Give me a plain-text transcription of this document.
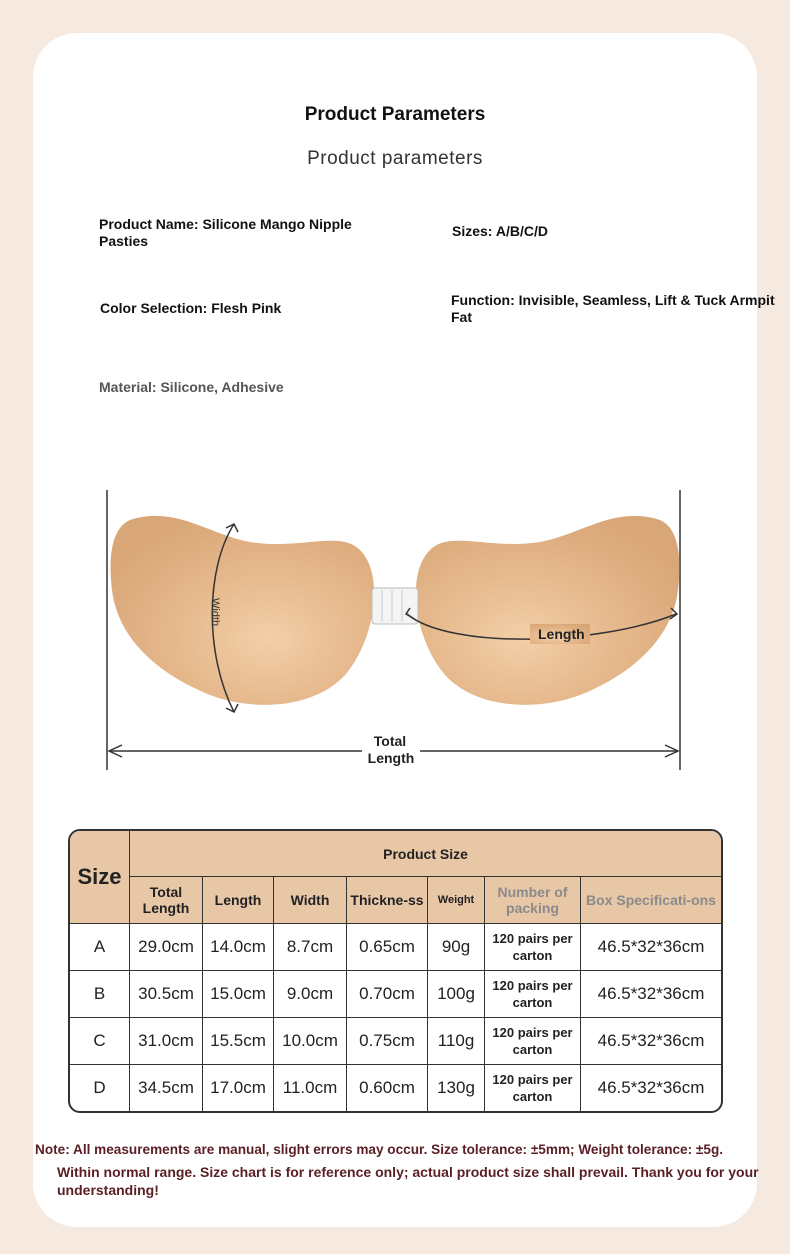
Product Parameters
Product parameters
Product Name: Silicone Mango Nipple Pasties
Sizes: A/B/C/D
Color Selection: Flesh Pink	Function: Invisible, Seamless, Lift & Tuck Armpit Fat
Material: Silicone, Adhesive
Width
Length
Total
Length
Size	Product Size						
	Total Length	Length	Width	Thickne-ss	Weight	Number of packing	Box Specificati-ons
A	29.0cm	14.0cm	8.7cm	0.65cm	90g	120 pairs per carton	46.5*32*36cm
B	30.5cm	15.0cm	9.0cm	0.70cm	100g	120 pairs per carton	46.5*32*36cm
C	31.0cm	15.5cm	10.0cm	0.75cm	110g	120 pairs per carton	46.5*32*36cm
D	34.5cm	17.0cm	11.0cm	0.60cm	130g	120 pairs per carton	46.5*32*36cm
Note: All measurements are manual, slight errors may occur. Size tolerance: ±5mm; Weight tolerance: ±5g.
Within normal range. Size chart is for reference only; actual product size shall prevail. Thank you for your understanding!
